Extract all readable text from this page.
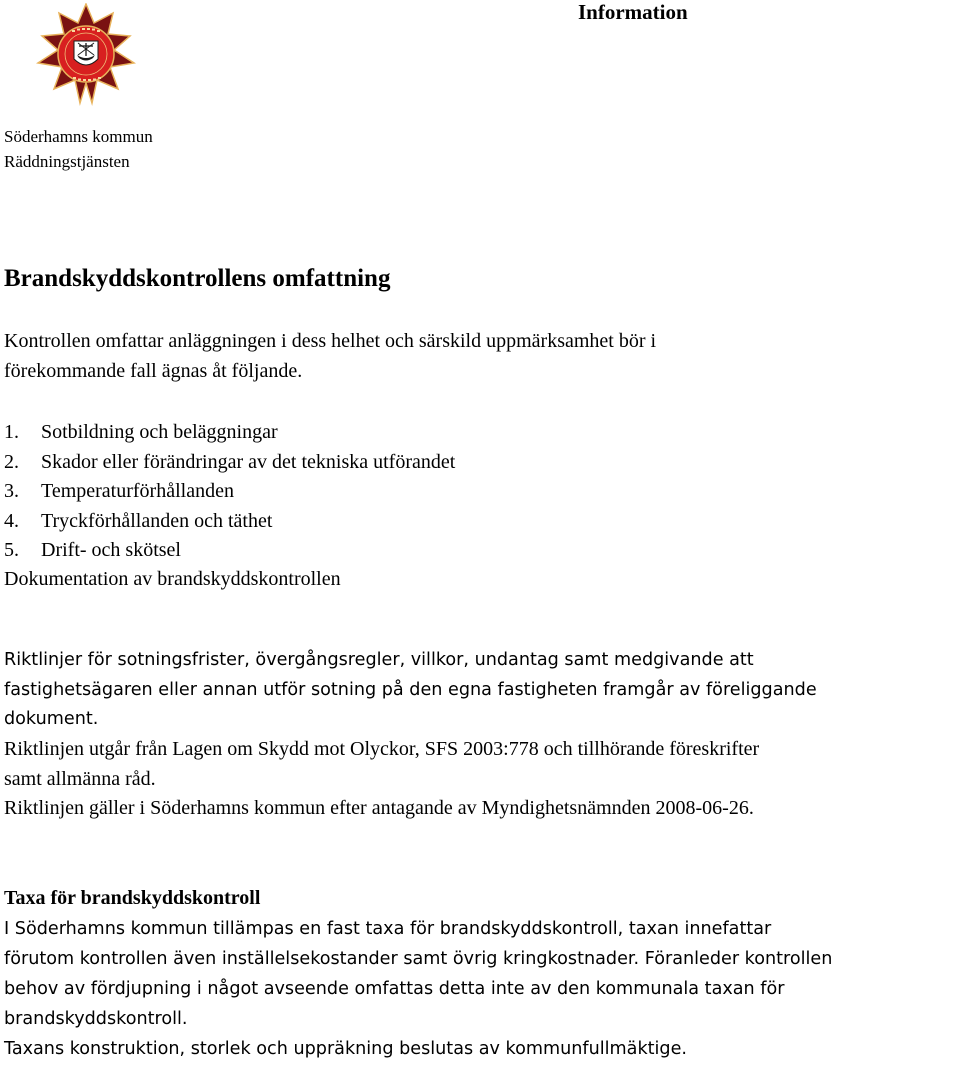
Information
Söderhamns kommun
Räddningstjänsten
Brandskyddskontrollens omfattning
Kontrollen omfattar anläggningen i dess helhet och särskild uppmärksamhet bör i
förekommande fall ägnas åt följande.
1.	Sotbildning och beläggningar
2.	Skador eller förändringar av det tekniska utförandet
3.	Temperaturförhållanden
4.	Tryckförhållanden och täthet
5.	Drift- och skötsel
Dokumentation av brandskyddskontrollen
Riktlinjer för sotningsfrister, övergångsregler, villkor, undantag samt medgivande att
fastighetsägaren eller annan utför sotning på den egna fastigheten framgår av föreliggande
dokument.
Riktlinjen utgår från Lagen om Skydd mot Olyckor, SFS 2003:778 och tillhörande föreskrifter
samt allmänna råd.
Riktlinjen gäller i Söderhamns kommun efter antagande av Myndighetsnämnden 2008-06-26.
Taxa för brandskyddskontroll
I Söderhamns kommun tillämpas en fast taxa för brandskyddskontroll, taxan innefattar
förutom kontrollen även inställelsekostander samt övrig kringkostnader. Föranleder kontrollen
behov av fördjupning i något avseende omfattas detta inte av den kommunala taxan för
brandskyddskontroll.
Taxans konstruktion, storlek och uppräkning beslutas av kommunfullmäktige.
